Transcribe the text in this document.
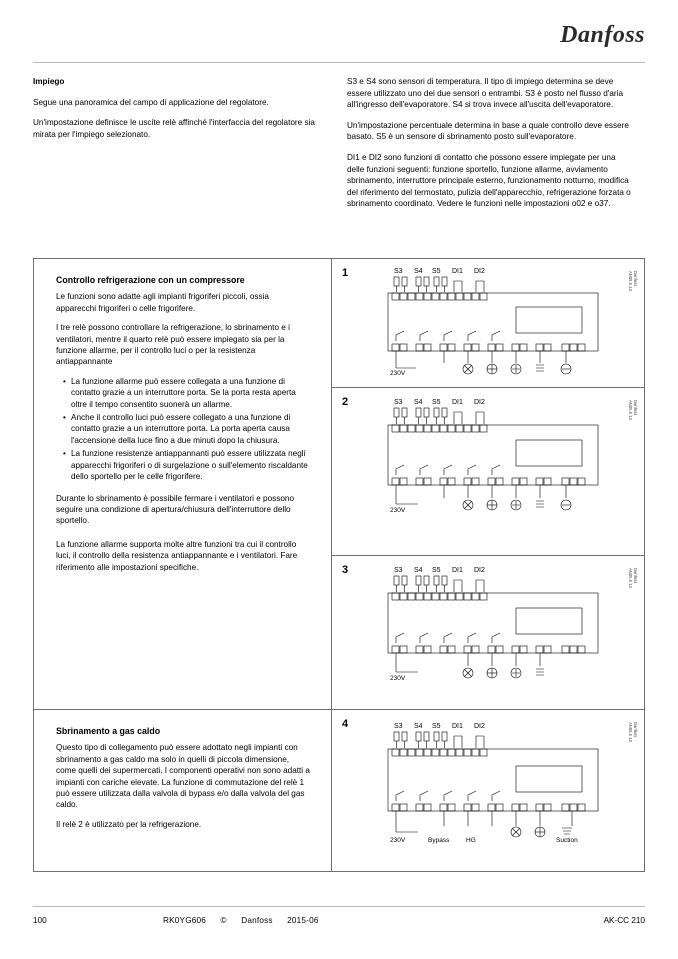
Danfoss

Impiego

Segue una panoramica del campo di applicazione del regolatore.

Un'impostazione definisce le uscite relè affinché l'interfaccia del regolatore sia mirata per l'impiego selezionato.

S3 e S4 sono sensori di temperatura. Il tipo di impiego determina se deve essere utilizzato uno dei due sensori o entrambi. S3 è posto nel flusso d'aria all'ingresso dell'evaporatore. S4 si trova invece all'uscita dell'evaporatore.

Un'impostazione percentuale determina in base a quale controllo deve essere basato. S5 è un sensore di sbrinamento posto sull'evaporatore.

DI1 e DI2 sono funzioni di contatto che possono essere impiegate per una delle funzioni seguenti: funzione sportello, funzione allarme, avviamento sbrinamento, interruttore principale esterno, funzionamento notturno, modifica del riferimento del termostato, pulizia dell'apparecchio, refrigerazione forzata o sbrinamento coordinato. Vedere le funzioni nelle impostazioni o02 e o37.

Controllo refrigerazione con un compressore

Le funzioni sono adatte agli impianti frigoriferi piccoli, ossia apparecchi frigoriferi o celle frigorifere.

I tre relè possono controllare la refrigerazione, lo sbrinamento e i ventilatori, mentre il quarto relè può essere impiegato sia per la funzione allarme, per il controllo luci o per la resistenza antiappannante

• La funzione allarme può essere collegata a una funzione di contatto grazie a un interruttore porta. Se la porta resta aperta oltre il tempo consentito suonerà un allarme.
• Anche il controllo luci può essere collegato a una funzione di contatto grazie a un interruttore porta. La porta aperta causa l'accensione della luce fino a due minuti dopo la chiusura.
• La funzione resistenze antiappannanti può essere utilizzata negli apparecchi frigoriferi o di surgelazione o sull'elemento riscaldante dello sportello per le celle frigorifere.

Durante lo sbrinamento è possibile fermare i ventilatori e possono seguire una condizione di apertura/chiusura dell'interruttore dello sportello.

La funzione allarme supporta molte altre funzioni tra cui il controllo luci, il controllo della resistenza antiappannante e i ventilatori. Fare riferimento alle impostazioni specifiche.

Sbrinamento a gas caldo

Questo tipo di collegamento può essere adottato negli impianti con sbrinamento a gas caldo ma solo in quelli di piccola dimensione, come quelli dei supermercati. I componenti operativi non sono adatti a impianti con cariche elevate. La funzione di commutazione del relè 1 può essere utilizzata dalla valvola di bypass e/o dalla valvola del gas caldo.

Il relè 2 è utilizzato per la refrigerazione.

1	Danfoss
AN05.5 13
S3 S4 S5 DI1 DI2
230V
2	Danfoss
AN05.5 13
S3 S4 S5 DI1 DI2
230V
3	Danfoss
AN05.5 13
S3 S4 S5 DI1 DI2
230V
4	Danfoss
AN05.5 13
S3 S4 S5 DI1 DI2
230V	Bypass	HG	Suction
100	RK0YG606 © Danfoss 2015-06	AK-CC 210
